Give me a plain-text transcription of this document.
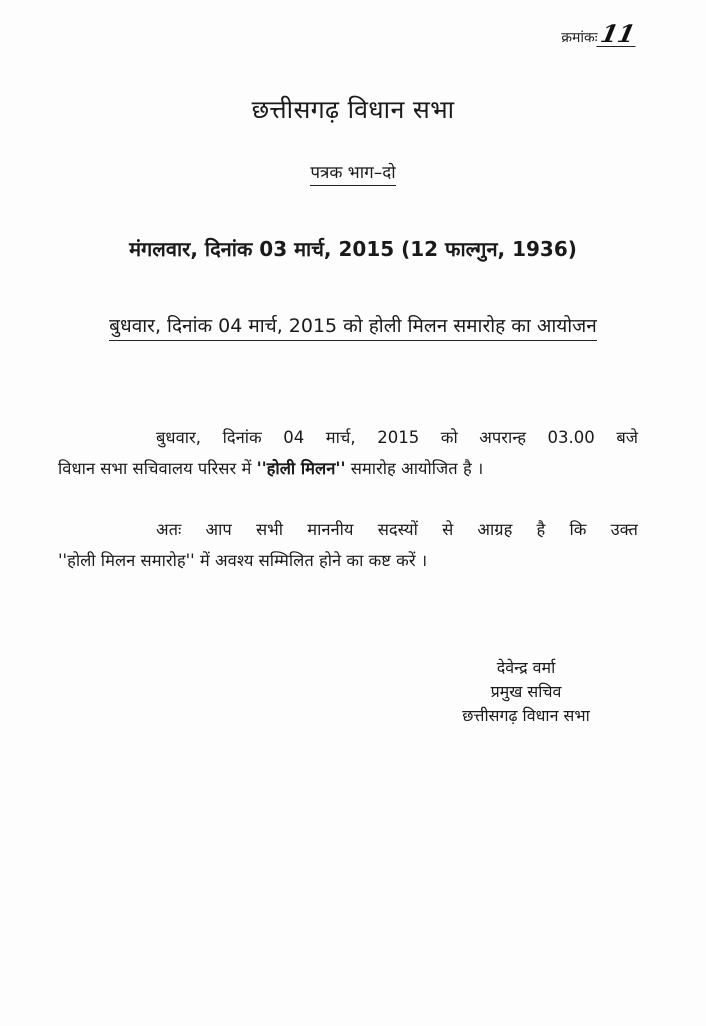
क्रमांकः 11
छत्तीसगढ़ विधान सभा
पत्रक भाग–दो
मंगलवार, दिनांक 03 मार्च, 2015 (12 फाल्गुन, 1936)
बुधवार, दिनांक 04 मार्च, 2015 को होली मिलन समारोह का आयोजन
बुधवार, दिनांक 04 मार्च, 2015 को अपरान्ह 03.00 बजे
विधान सभा सचिवालय परिसर में ''होली मिलन'' समारोह आयोजित है ।
अतः आप सभी माननीय सदस्यों से आग्रह है कि उक्त
''होली मिलन समारोह'' में अवश्य सम्मिलित होने का कष्ट करें ।
देवेन्द्र वर्मा
प्रमुख सचिव
छत्तीसगढ़ विधान सभा
